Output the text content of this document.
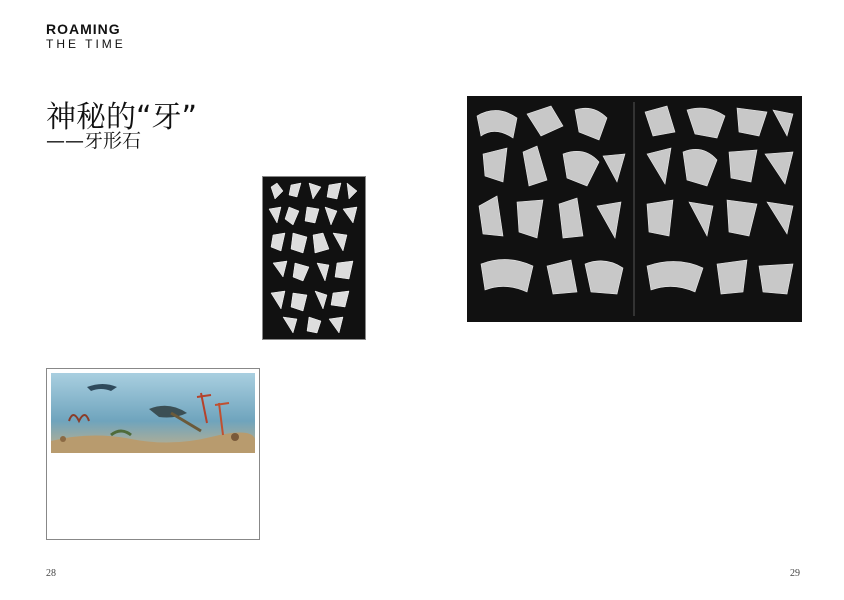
ROAMING
THE TIME
神秘的“牙”
——牙形石
28	29
